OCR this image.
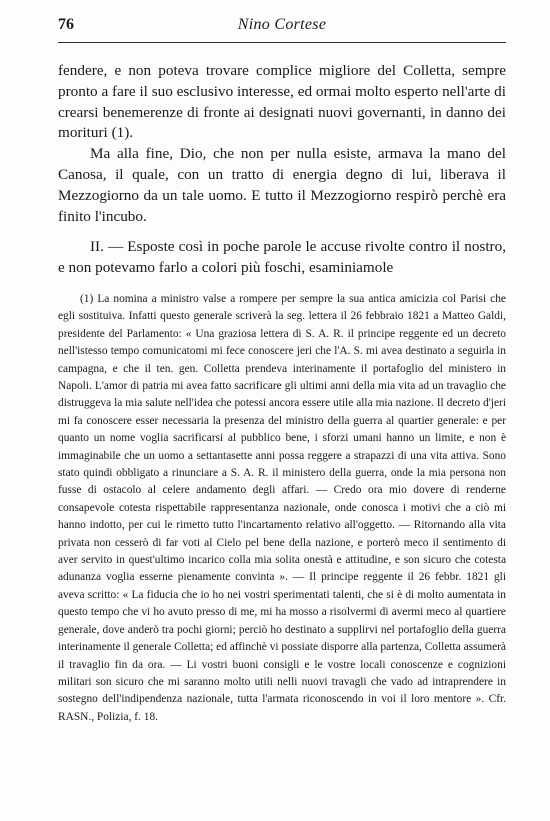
76	Nino Cortese

fendere, e non poteva trovare complice migliore del Colletta, sempre pronto a fare il suo esclusivo interesse, ed ormai molto esperto nell'arte di crearsi benemerenze di fronte ai designati nuovi governanti, in danno dei morituri (1).

Ma alla fine, Dio, che non per nulla esiste, armava la mano del Canosa, il quale, con un tratto di energia degno di lui, liberava il Mezzogiorno da un tale uomo. E tutto il Mezzogiorno respirò perchè era finito l'incubo.

II. — Esposte così in poche parole le accuse rivolte contro il nostro, e non potevamo farlo a colori più foschi, esaminiamole

(1) La nomina a ministro valse a rompere per sempre la sua antica amicizia col Parisi che egli sostituiva. Infatti questo generale scriverà la seg. lettera il 26 febbraio 1821 a Matteo Galdi, presidente del Parlamento: « Una graziosa lettera di S. A. R. il principe reggente ed un decreto nell'istesso tempo comunicatomi mi fece conoscere jeri che l'A. S. mi avea destinato a seguirla in campagna, e che il ten. gen. Colletta prendeva interinamente il portafoglio del ministero in Napoli. L'amor di patria mi avea fatto sacrificare gli ultimi anni della mia vita ad un travaglio che distruggeva la mia salute nell'idea che potessi ancora essere utile alla mia nazione. Il decreto d'jeri mi fa conoscere esser necessaria la presenza del ministro della guerra al quartier generale: e per quanto un nome voglia sacrificarsi al pubblico bene, i sforzi umani hanno un limite, e non è immaginabile che un uomo a settantasette anni possa reggere a strapazzi di una vita attiva. Sono stato quindi obbligato a rinunciare a S. A. R. il ministero della guerra, onde la mia persona non fusse di ostacolo al celere andamento degli affari. — Credo ora mio dovere di renderne consapevole cotesta rispettabile rappresentanza nazionale, onde conosca i motivi che a ciò mi hanno indotto, per cui le rimetto tutto l'incartamento relativo all'oggetto. — Ritornando alla vita privata non cesserò di far voti al Cielo pel bene della nazione, e porterò meco il sentimento di aver servito in quest'ultimo incarico colla mia solita onestà e attitudine, e son sicuro che cotesta adunanza voglia esserne pienamente convinta ». — Il principe reggente il 26 febbr. 1821 gli aveva scritto: « La fiducia che io ho nei vostri sperimentati talenti, che si è di molto aumentata in questo tempo che vi ho avuto presso di me, mi ha mosso a risolvermi di avermi meco al quartiere generale, dove anderò tra pochi giorni; perciò ho destinato a supplirvi nel portafoglio della guerra interinamente il generale Colletta; ed affinchè vi possiate disporre alla partenza, Colletta assumerà il travaglio fin da ora. — Li vostri buoni consigli e le vostre locali conoscenze e cognizioni militari son sicuro che mi saranno molto utili nelli nuovi travagli che vado ad intraprendere in sostegno dell'indipendenza nazionale, tutta l'armata riconoscendo in voi il loro mentore ». Cfr. RASN., Polizia, f. 18.
